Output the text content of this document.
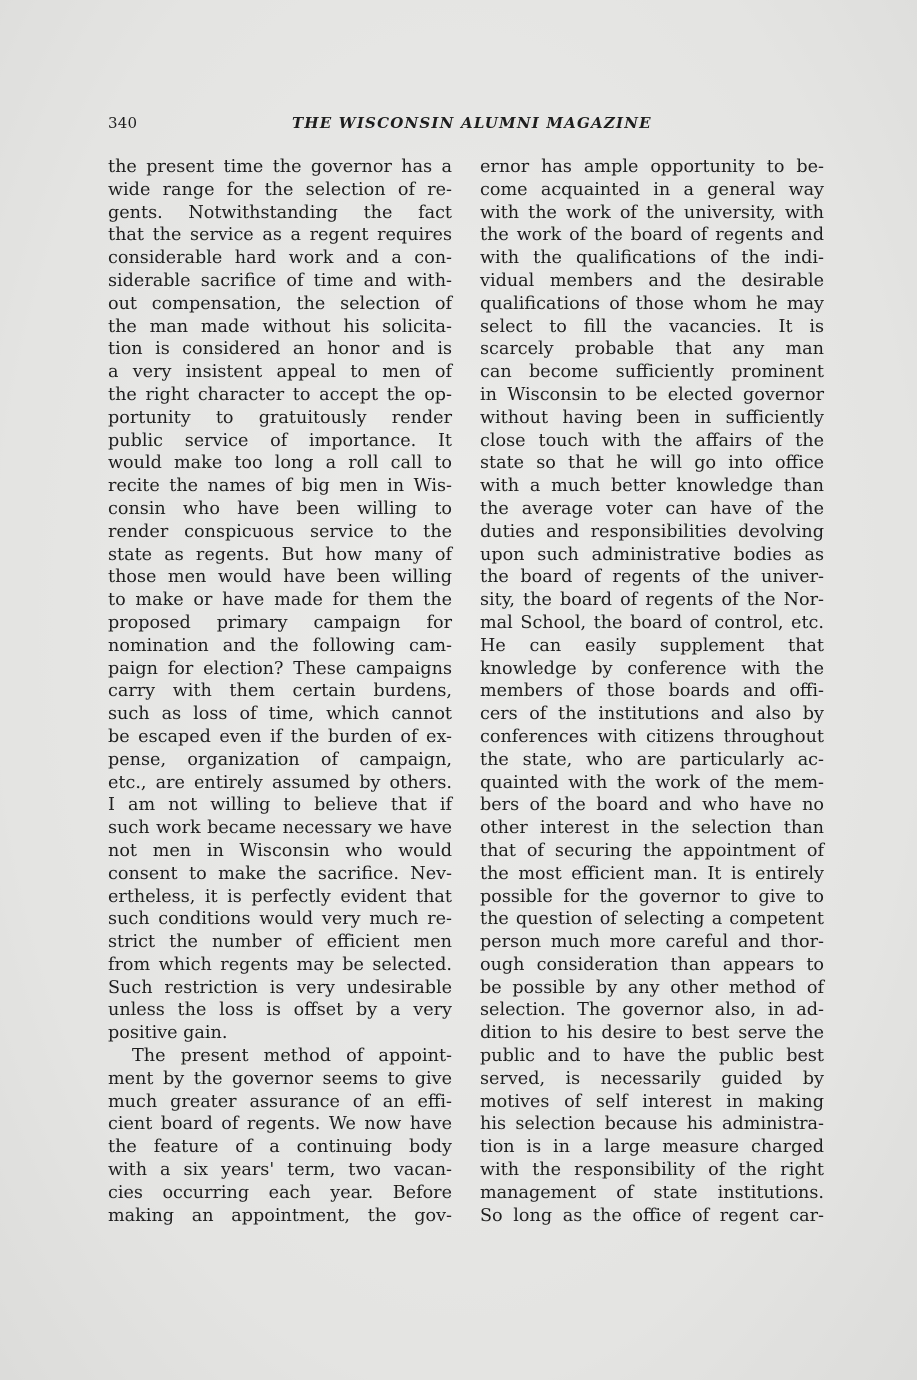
340	THE WISCONSIN ALUMNI MAGAZINE
the present time the governor has a
wide range for the selection of re-
gents. Notwithstanding the fact
that the service as a regent requires
considerable hard work and a con-
siderable sacrifice of time and with-
out compensation, the selection of
the man made without his solicita-
tion is considered an honor and is
a very insistent appeal to men of
the right character to accept the op-
portunity to gratuitously render
public service of importance. It
would make too long a roll call to
recite the names of big men in Wis-
consin who have been willing to
render conspicuous service to the
state as regents. But how many of
those men would have been willing
to make or have made for them the
proposed primary campaign for
nomination and the following cam-
paign for election? These campaigns
carry with them certain burdens,
such as loss of time, which cannot
be escaped even if the burden of ex-
pense, organization of campaign,
etc., are entirely assumed by others.
I am not willing to believe that if
such work became necessary we have
not men in Wisconsin who would
consent to make the sacrifice. Nev-
ertheless, it is perfectly evident that
such conditions would very much re-
strict the number of efficient men
from which regents may be selected.
Such restriction is very undesirable
unless the loss is offset by a very
positive gain.
The present method of appoint-
ment by the governor seems to give
much greater assurance of an effi-
cient board of regents. We now have
the feature of a continuing body
with a six years' term, two vacan-
cies occurring each year. Before
making an appointment, the gov-
ernor has ample opportunity to be-
come acquainted in a general way
with the work of the university, with
the work of the board of regents and
with the qualifications of the indi-
vidual members and the desirable
qualifications of those whom he may
select to fill the vacancies. It is
scarcely probable that any man
can become sufficiently prominent
in Wisconsin to be elected governor
without having been in sufficiently
close touch with the affairs of the
state so that he will go into office
with a much better knowledge than
the average voter can have of the
duties and responsibilities devolving
upon such administrative bodies as
the board of regents of the univer-
sity, the board of regents of the Nor-
mal School, the board of control, etc.
He can easily supplement that
knowledge by conference with the
members of those boards and offi-
cers of the institutions and also by
conferences with citizens throughout
the state, who are particularly ac-
quainted with the work of the mem-
bers of the board and who have no
other interest in the selection than
that of securing the appointment of
the most efficient man. It is entirely
possible for the governor to give to
the question of selecting a competent
person much more careful and thor-
ough consideration than appears to
be possible by any other method of
selection. The governor also, in ad-
dition to his desire to best serve the
public and to have the public best
served, is necessarily guided by
motives of self interest in making
his selection because his administra-
tion is in a large measure charged
with the responsibility of the right
management of state institutions.
So long as the office of regent car-
